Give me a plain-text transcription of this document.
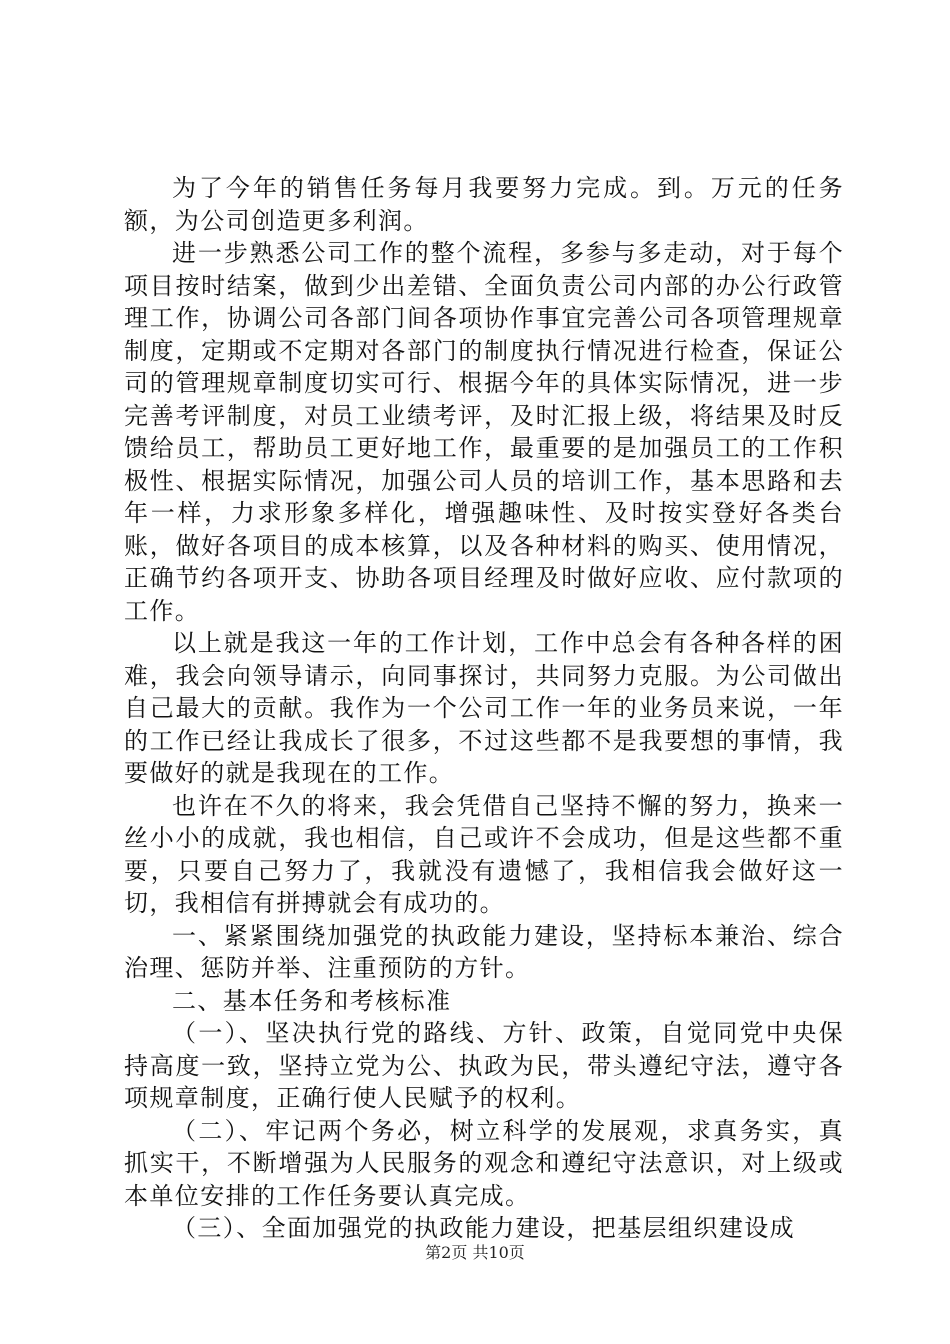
为了今年的销售任务每月我要努力完成。到。万元的任务额，为公司创造更多利润。

进一步熟悉公司工作的整个流程，多参与多走动，对于每个项目按时结案，做到少出差错、全面负责公司内部的办公行政管理工作，协调公司各部门间各项协作事宜完善公司各项管理规章制度，定期或不定期对各部门的制度执行情况进行检查，保证公司的管理规章制度切实可行、根据今年的具体实际情况，进一步完善考评制度，对员工业绩考评，及时汇报上级，将结果及时反馈给员工，帮助员工更好地工作，最重要的是加强员工的工作积极性、根据实际情况，加强公司人员的培训工作，基本思路和去年一样，力求形象多样化，增强趣味性、及时按实登好各类台账，做好各项目的成本核算，以及各种材料的购买、使用情况，正确节约各项开支、协助各项目经理及时做好应收、应付款项的工作。

以上就是我这一年的工作计划，工作中总会有各种各样的困难，我会向领导请示，向同事探讨，共同努力克服。为公司做出自己最大的贡献。我作为一个公司工作一年的业务员来说，一年的工作已经让我成长了很多，不过这些都不是我要想的事情，我要做好的就是我现在的工作。

也许在不久的将来，我会凭借自己坚持不懈的努力，换来一丝小小的成就，我也相信，自己或许不会成功，但是这些都不重要，只要自己努力了，我就没有遗憾了，我相信我会做好这一切，我相信有拼搏就会有成功的。

一、紧紧围绕加强党的执政能力建设，坚持标本兼治、综合治理、惩防并举、注重预防的方针。

二、基本任务和考核标准

（一）、坚决执行党的路线、方针、政策，自觉同党中央保持高度一致，坚持立党为公、执政为民，带头遵纪守法，遵守各项规章制度，正确行使人民赋予的权利。

（二）、牢记两个务必，树立科学的发展观，求真务实，真抓实干，不断增强为人民服务的观念和遵纪守法意识，对上级或本单位安排的工作任务要认真完成。

（三）、全面加强党的执政能力建设，把基层组织建设成

第2页 共10页
